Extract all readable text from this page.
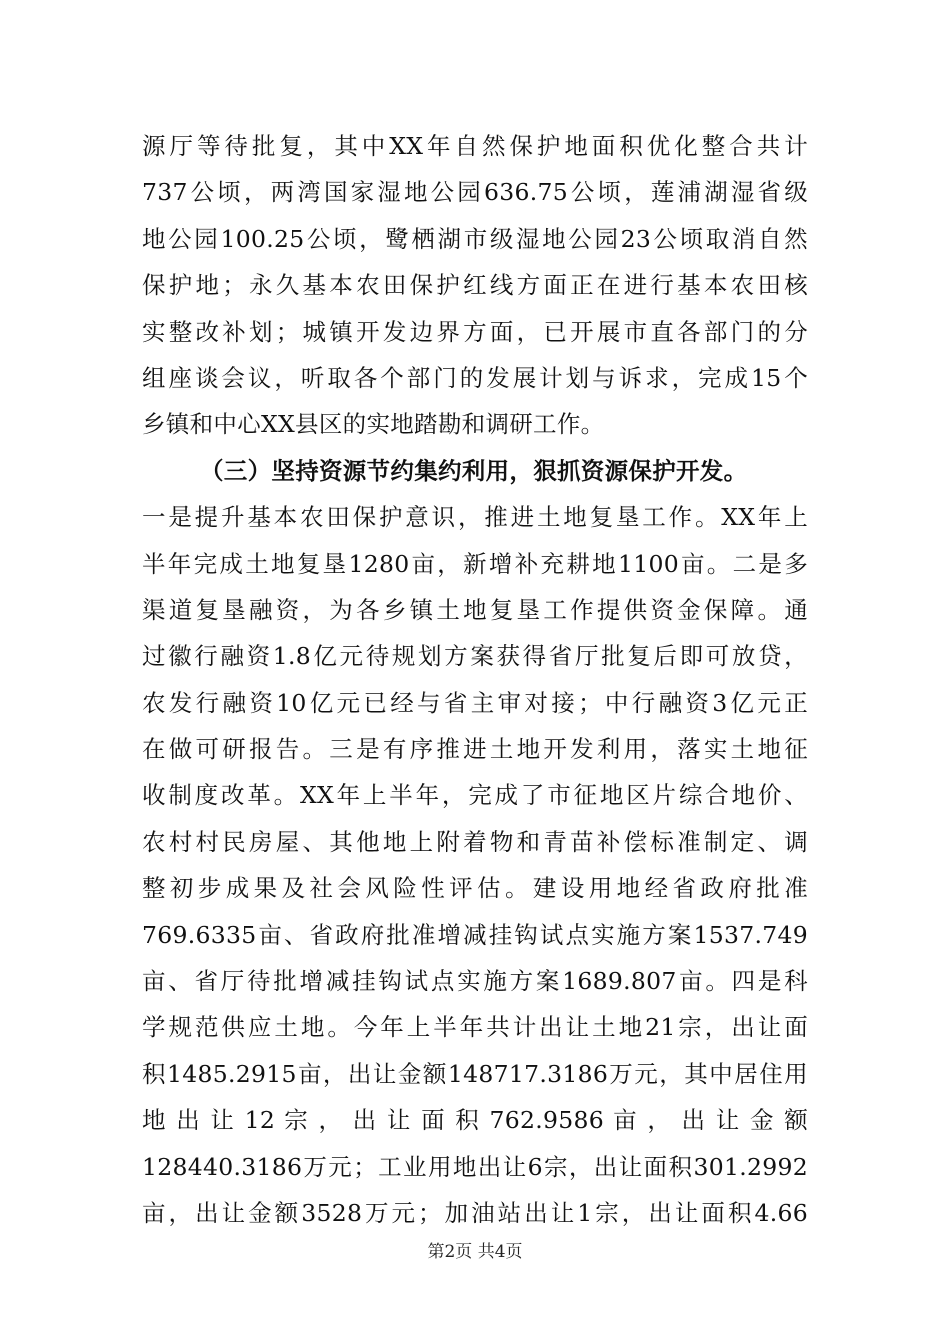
源厅等待批复，其中XX年自然保护地面积优化整合共计
737公顷，两湾国家湿地公园636.75公顷，莲浦湖湿省级
地公园100.25公顷，鹭栖湖市级湿地公园23公顷取消自然
保护地；永久基本农田保护红线方面正在进行基本农田核
实整改补划；城镇开发边界方面，已开展市直各部门的分
组座谈会议，听取各个部门的发展计划与诉求，完成15个
乡镇和中心XX县区的实地踏勘和调研工作。
（三）坚持资源节约集约利用，狠抓资源保护开发。
一是提升基本农田保护意识，推进土地复垦工作。XX年上
半年完成土地复垦1280亩，新增补充耕地1100亩。二是多
渠道复垦融资，为各乡镇土地复垦工作提供资金保障。通
过徽行融资1.8亿元待规划方案获得省厅批复后即可放贷，
农发行融资10亿元已经与省主审对接；中行融资3亿元正
在做可研报告。三是有序推进土地开发利用，落实土地征
收制度改革。XX年上半年，完成了市征地区片综合地价、
农村村民房屋、其他地上附着物和青苗补偿标准制定、调
整初步成果及社会风险性评估。建设用地经省政府批准
769.6335亩、省政府批准增减挂钩试点实施方案1537.749
亩、省厅待批增减挂钩试点实施方案1689.807亩。四是科
学规范供应土地。今年上半年共计出让土地21宗，出让面
积1485.2915亩，出让金额148717.3186万元，其中居住用
地 出 让 12 宗 ， 出 让 面 积 762.9586 亩 ， 出 让 金 额
128440.3186万元；工业用地出让6宗，出让面积301.2992
亩，出让金额3528万元；加油站出让1宗，出让面积4.66
第2页 共4页
